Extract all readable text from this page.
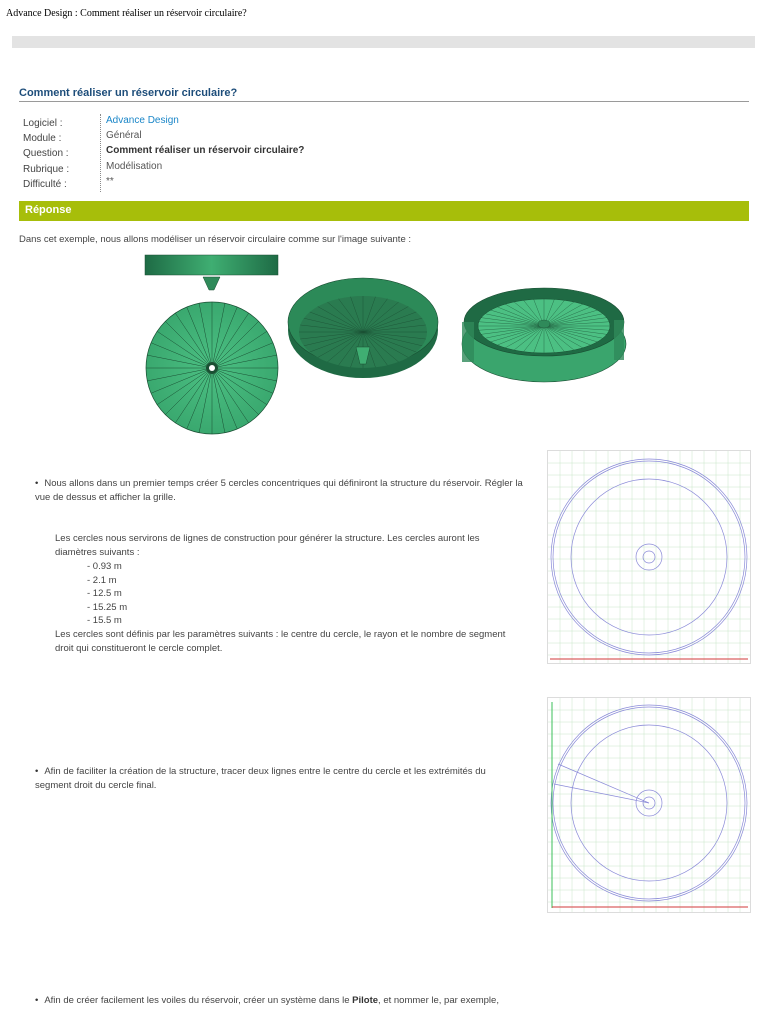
Advance Design : Comment réaliser un réservoir circulaire?
Comment réaliser un réservoir circulaire?
Logiciel :
Module :
Question :
Rubrique :
Difficulté :
Advance Design
Général
Comment réaliser un réservoir circulaire?
Modélisation
**
Réponse
Dans cet exemple, nous allons modéliser un réservoir circulaire comme sur l'image suivante :
• Nous allons dans un premier temps créer 5 cercles concentriques qui définiront la structure du réservoir. Régler la vue de dessus et afficher la grille.
Les cercles nous servirons de lignes de construction pour générer la structure. Les cercles auront les diamètres suivants :
- 0.93 m
- 2.1 m
- 12.5 m
- 15.25 m
- 15.5 m
Les cercles sont définis par les paramètres suivants : le centre du cercle, le rayon et le nombre de segment droit qui constitueront le cercle complet.
• Afin de faciliter la création de la structure, tracer deux lignes entre le centre du cercle et les extrémités du segment droit du cercle final.
• Afin de créer facilement les voiles du réservoir, créer un système dans le Pilote, et nommer le, par exemple,
